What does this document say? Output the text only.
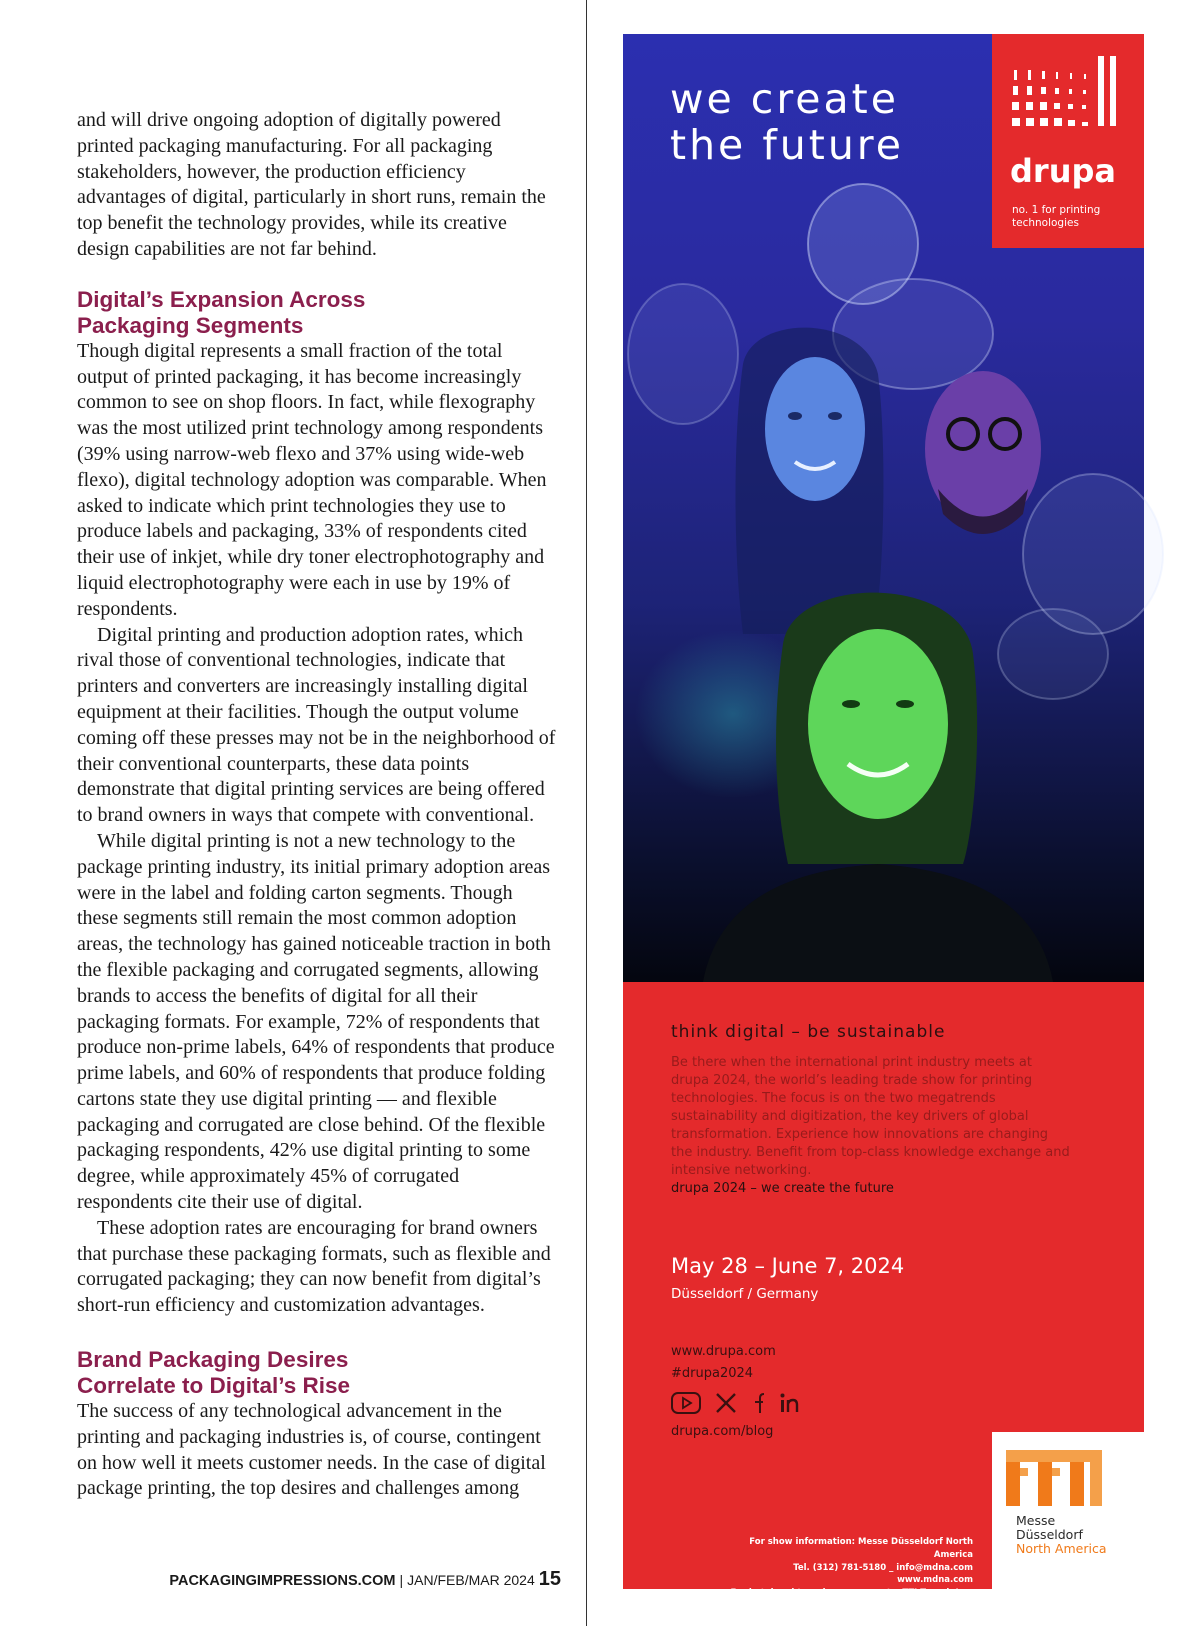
and will drive ongoing adoption of digitally powered printed packaging manufacturing. For all packaging stakeholders, however, the production efficiency advantages of digital, particularly in short runs, remain the top benefit the technology provides, while its creative design capabilities are not far behind.

Digital’s Expansion Across
Packaging Segments

Though digital represents a small fraction of the total output of printed packaging, it has become increasingly common to see on shop floors. In fact, while flexography was the most utilized print technology among respondents (39% using narrow-web flexo and 37% using wide-web flexo), digital technology adoption was comparable. When asked to indicate which print technologies they use to produce labels and packaging, 33% of respondents cited their use of inkjet, while dry toner electrophotography and liquid electrophotography were each in use by 19% of respondents.

Digital printing and production adoption rates, which rival those of conventional technologies, indicate that printers and converters are increasingly installing digital equipment at their facilities. Though the output volume coming off these presses may not be in the neighborhood of their conventional counterparts, these data points demonstrate that digital printing services are being offered to brand owners in ways that compete with conventional.

While digital printing is not a new technology to the package printing industry, its initial primary adoption areas were in the label and folding carton segments. Though these segments still remain the most common adoption areas, the technology has gained noticeable traction in both the flexible packaging and corrugated segments, allowing brands to access the benefits of digital for all their packaging formats. For example, 72% of respondents that produce non-prime labels, 64% of respondents that produce prime labels, and 60% of respondents that produce folding cartons state they use digital printing — and flexible packaging and corrugated are close behind. Of the flexible packaging respondents, 42% use digital printing to some degree, while approximately 45% of corrugated respondents cite their use of digital.

These adoption rates are encouraging for brand owners that purchase these packaging formats, such as flexible and corrugated packaging; they can now benefit from digital’s short-run efficiency and customization advantages.

Brand Packaging Desires
Correlate to Digital’s Rise

The success of any technological advancement in the printing and packaging industries is, of course, contingent on how well it meets customer needs. In the case of digital package printing, the top desires and challenges among

PACKAGINGIMPRESSIONS.COM | JAN/FEB/MAR 2024 15
we create
the future
drupa
no. 1 for printing
technologies
think digital – be sustainable
Be there when the international print industry meets at drupa 2024, the world’s leading trade show for printing technologies. The focus is on the two megatrends sustainability and digitization, the key drivers of global transformation. Experience how innovations are changing the industry. Benefit from top-class knowledge exchange and intensive networking.
drupa 2024 – we create the future
May 28 – June 7, 2024
Düsseldorf / Germany
www.drupa.com
#drupa2024
drupa.com/blog
For show information: Messe Düsseldorf North America
Tel. (312) 781-5180 _ info@mdna.com
www.mdna.com
For hotel and travel arrangements: TTI Travel, Inc.
Tel. (866) 674-3476 _ info@ttitravel.net
Messe
Düsseldorf
North America
